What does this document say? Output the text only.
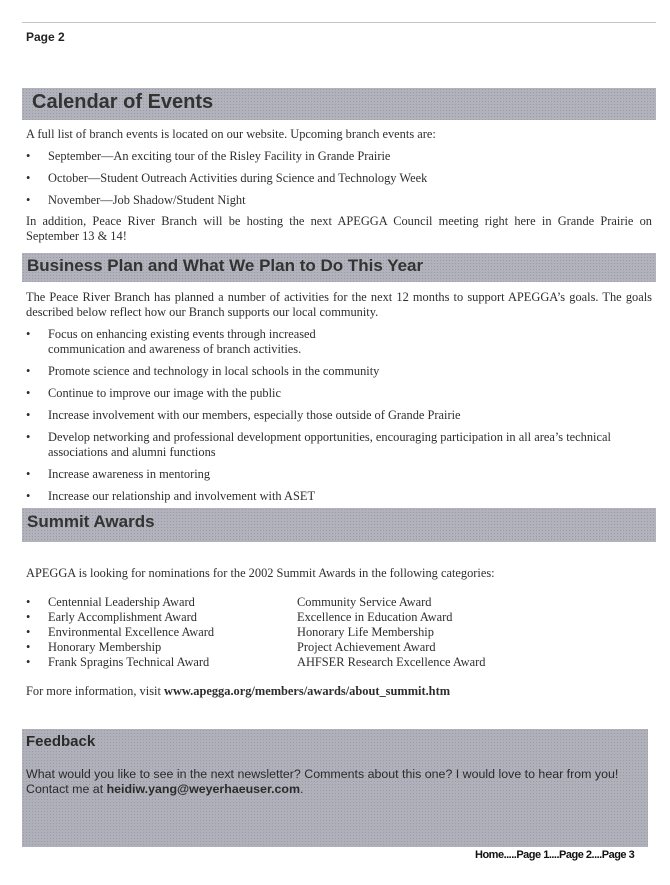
Page 2
Calendar of Events
A full list of branch events is located on our website. Upcoming branch events are:
• September—An exciting tour of the Risley Facility in Grande Prairie
• October—Student Outreach Activities during Science and Technology Week
• November—Job Shadow/Student Night
In addition, Peace River Branch will be hosting the next APEGGA Council meeting right here in Grande Prairie on September 13 & 14!
Business Plan and What We Plan to Do This Year
The Peace River Branch has planned a number of activities for the next 12 months to support APEGGA’s goals. The goals described below reflect how our Branch supports our local community.
• Focus on enhancing existing events through increased communication and awareness of branch activities.
• Promote science and technology in local schools in the community
• Continue to improve our image with the public
• Increase involvement with our members, especially those outside of Grande Prairie
• Develop networking and professional development opportunities, encouraging participation in all area’s technical associations and alumni functions
• Increase awareness in mentoring
• Increase our relationship and involvement with ASET
Summit Awards
APEGGA is looking for nominations for the 2002 Summit Awards in the following categories:
• Centennial Leadership Award
• Early Accomplishment Award
• Environmental Excellence Award
• Honorary Membership
• Frank Spragins Technical Award
Community Service Award
Excellence in Education Award
Honorary Life Membership
Project Achievement Award
AHFSER Research Excellence Award
For more information, visit www.apegga.org/members/awards/about_summit.htm
Feedback
What would you like to see in the next newsletter? Comments about this one? I would love to hear from you! Contact me at heidiw.yang@weyerhaeuser.com.
Home.....Page 1....Page 2....Page 3
